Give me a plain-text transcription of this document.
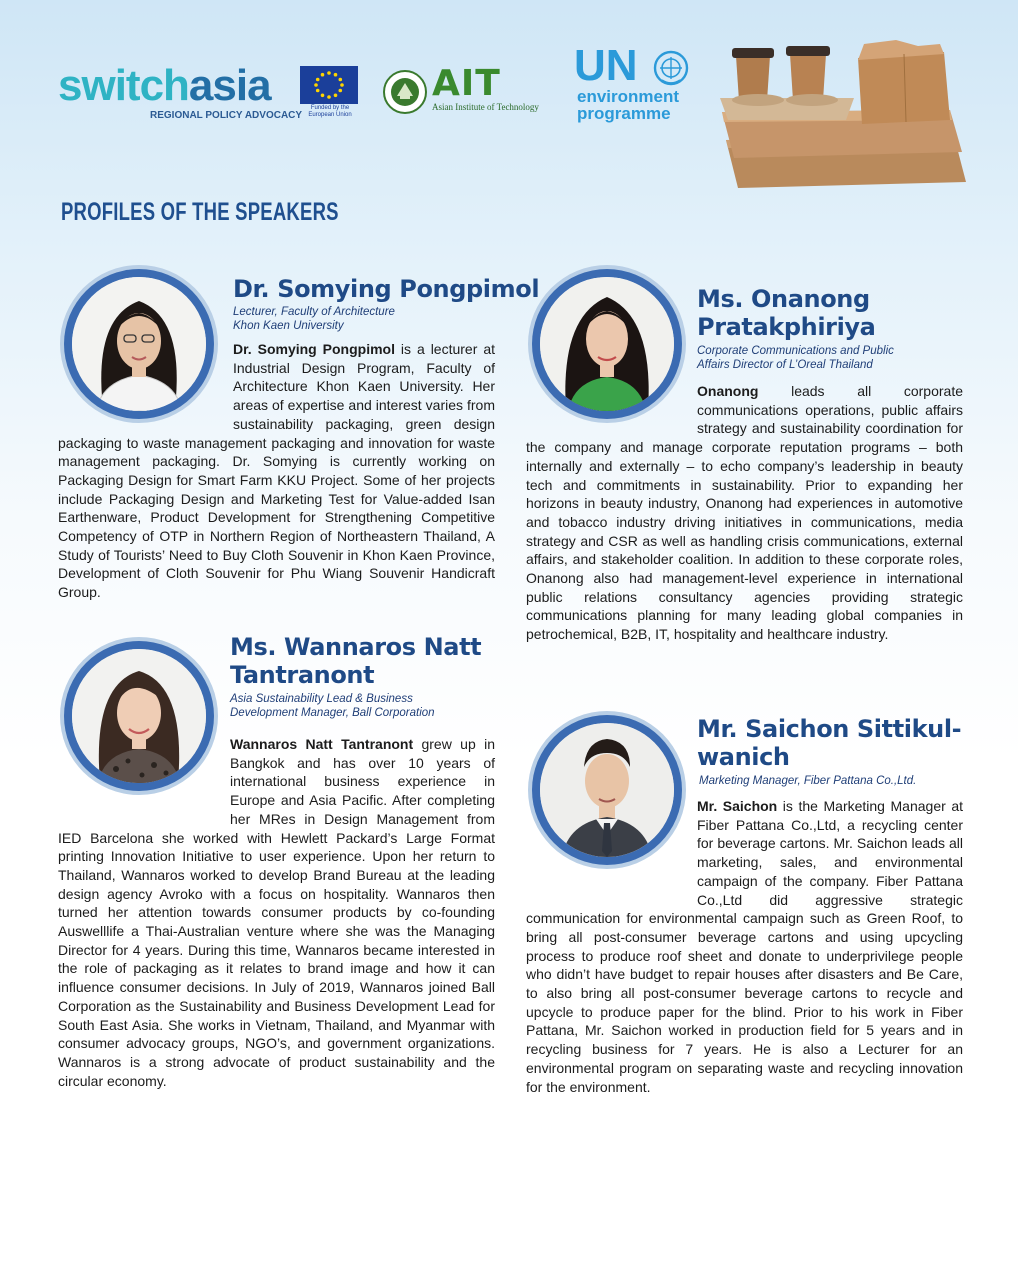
switchasia
REGIONAL POLICY ADVOCACY
Funded by the European Union
AIT
Asian Institute of Technology
UN
environment
programme
PROFILES OF THE SPEAKERS
Dr. Somying Pongpimol
Lecturer, Faculty of Architecture
Khon Kaen University

Dr. Somying Pongpimol is a lecturer at Industrial Design Program, Faculty of Architecture Khon Kaen University. Her areas of expertise and interest varies from sustainability packaging, green design packaging to waste management packaging and innovation for waste management packaging. Dr. Somying is currently working on Packaging Design for Smart Farm KKU Project. Some of her projects include Packaging Design and Marketing Test for Value-added Isan Earthenware, Product Development for Strengthening Competitive Competency of OTP in Northern Region of Northeastern Thailand, A Study of Tourists’ Need to Buy Cloth Souvenir in Khon Kaen Province, Development of Cloth Souvenir for Phu Wiang Souvenir Handicraft Group.

Ms. Onanong
Pratakphiriya
Corporate Communications and Public
Affairs Director of L’Oreal Thailand

Onanong leads all corporate communications operations, public affairs strategy and sustainability coordination for the company and manage corporate reputation programs – both internally and externally – to echo company’s leadership in beauty tech and commitments in sustainability. Prior to expanding her horizons in beauty industry, Onanong had experiences in automotive and tobacco industry driving initiatives in communications, media strategy and CSR as well as handling crisis communications, external affairs, and stakeholder coalition. In addition to these corporate roles, Onanong also had management-level experience in international public relations consultancy agencies providing strategic communications planning for many leading global companies in petrochemical, B2B, IT, hospitality and healthcare industry.

Ms. Wannaros Natt
Tantranont
Asia Sustainability Lead & Business
Development Manager, Ball Corporation

Wannaros Natt Tantranont grew up in Bangkok and has over 10 years of international business experience in Europe and Asia Pacific. After completing her MRes in Design Management from IED Barcelona she worked with Hewlett Packard’s Large Format printing Innovation Initiative to user experience. Upon her return to Thailand, Wannaros worked to develop Brand Bureau at the leading design agency Avroko with a focus on hospitality. Wannaros then turned her attention towards consumer products by co-founding Auswelllife a Thai-Australian venture where she was the Managing Director for 4 years. During this time, Wannaros became interested in the role of packaging as it relates to brand image and how it can influence consumer decisions. In July of 2019, Wannaros joined Ball Corporation as the Sustainability and Business Development Lead for South East Asia. She works in Vietnam, Thailand, and Myanmar with consumer advocacy groups, NGO’s, and government organizations. Wannaros is a strong advocate of product sustainability and the circular economy.

Mr. Saichon Sittikul-
wanich
Marketing Manager, Fiber Pattana Co.,Ltd.

Mr. Saichon is the Marketing Manager at Fiber Pattana Co.,Ltd, a recycling center for beverage cartons. Mr. Saichon leads all marketing, sales, and environmental campaign of the company. Fiber Pattana Co.,Ltd did aggressive strategic communication for environmental campaign such as Green Roof, to bring all post-consumer beverage cartons and using upcycling process to produce roof sheet and donate to underprivilege people who didn’t have budget to repair houses after disasters and Be Care, to also bring all post-consumer beverage cartons to recycle and upcycle to produce paper for the blind. Prior to his work in Fiber Pattana, Mr. Saichon worked in production field for 5 years and in recycling business for 7 years. He is also a Lecturer for an environmental program on separating waste and recycling innovation for the environment.
